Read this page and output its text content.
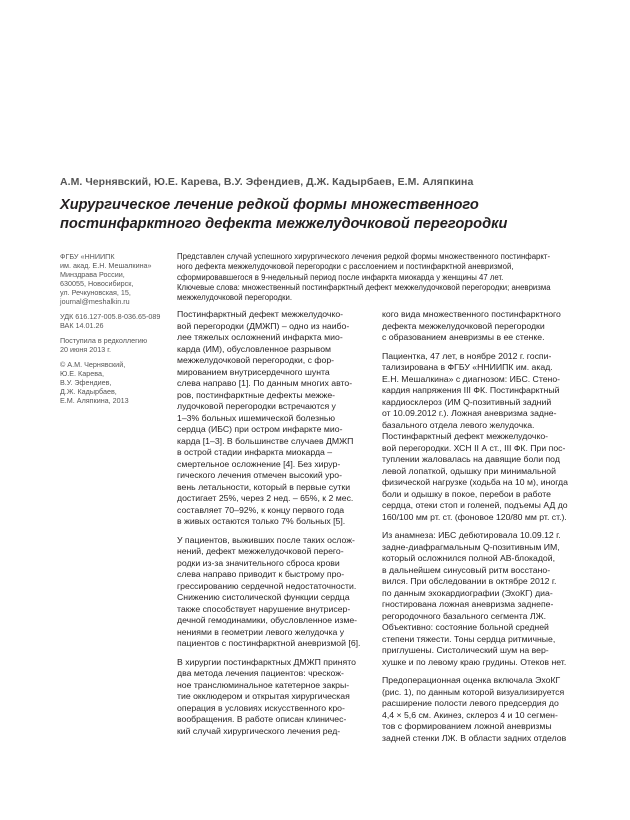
А.М. Чернявский, Ю.Е. Карева, В.У. Эфендиев, Д.Ж. Кадырбаев, Е.М. Аляпкина
Хирургическое лечение редкой формы множественного
постинфарктного дефекта межжелудочковой перегородки

ФГБУ «ННИИПК
им. акад. Е.Н. Мешалкина»
Минздрава России,
630055, Новосибирск,
ул. Речкуновская, 15,
journal@meshalkin.ru

УДК 616.127-005.8-036.65-089
ВАК 14.01.26

Поступила в редколлегию
20 июня 2013 г.

© А.М. Чернявский,
Ю.Е. Карева,
В.У. Эфендиев,
Д.Ж. Кадырбаев,
Е.М. Аляпкина, 2013

Представлен случай успешного хирургического лечения редкой формы множественного постинфаркт-
ного дефекта межжелудочковой перегородки с расслоением и постинфарктной аневризмой,
сформировавшегося в 9-недельный период после инфаркта миокарда у женщины 47 лет.
Ключевые слова: множественный постинфарктный дефект межжелудочковой перегородки; аневризма
межжелудочковой перегородки.

Постинфарктный дефект межжелудочко-
вой перегородки (ДМЖП) – одно из наибо-
лее тяжелых осложнений инфаркта мио-
карда (ИМ), обусловленное разрывом
межжелудочковой перегородки, с фор-
мированием внутрисердечного шунта
слева направо [1]. По данным многих авто-
ров, постинфарктные дефекты межже-
лудочковой перегородки встречаются у
1–3% больных ишемической болезнью
сердца (ИБС) при остром инфаркте мио-
карда [1–3]. В большинстве случаев ДМЖП
в острой стадии инфаркта миокарда –
смертельное осложнение [4]. Без хирур-
гического лечения отмечен высокий уро-
вень летальности, который в первые сутки
достигает 25%, через 2 нед. – 65%, к 2 мес.
составляет 70–92%, к концу первого года
в живых остаются только 7% больных [5].

У пациентов, выживших после таких ослож-
нений, дефект межжелудочковой перего-
родки из-за значительного сброса крови
слева направо приводит к быстрому про-
грессированию сердечной недостаточности.
Снижению систолической функции сердца
также способствует нарушение внутрисер-
дечной гемодинамики, обусловленное изме-
нениями в геометрии левого желудочка у
пациентов с постинфарктной аневризмой [6].

В хирургии постинфарктных ДМЖП принято
два метода лечения пациентов: чрескож-
ное транслюминальное катетерное закры-
тие окклюдером и открытая хирургическая
операция в условиях искусственного кро-
вообращения. В работе описан клиничес-
кий случай хирургического лечения ред-

кого вида множественного постинфарктного
дефекта межжелудочковой перегородки
с образованием аневризмы в ее стенке.

Пациентка, 47 лет, в ноябре 2012 г. госпи-
тализирована в ФГБУ «ННИИПК им. акад.
Е.Н. Мешалкина» с диагнозом: ИБС. Стено-
кардия напряжения III ФК. Постинфарктный
кардиосклероз (ИМ Q-позитивный задний
от 10.09.2012 г.). Ложная аневризма задне-
базального отдела левого желудочка.
Постинфарктный дефект межжелудочко-
вой перегородки. ХСН II А ст., III ФК. При пос-
туплении жаловалась на давящие боли под
левой лопаткой, одышку при минимальной
физической нагрузке (ходьба на 10 м), иногда
боли и одышку в покое, перебои в работе
сердца, отеки стоп и голеней, подъемы АД до
160/100 мм рт. ст. (фоновое 120/80 мм рт. ст.).

Из анамнеза: ИБС дебютировала 10.09.12 г.
задне-диафрагмальным Q-позитивным ИМ,
который осложнился полной АВ-блокадой,
в дальнейшем синусовый ритм восстано-
вился. При обследовании в октябре 2012 г.
по данным эхокардиографии (ЭхоКГ) диа-
гностирована ложная аневризма заднепе-
регородочного базального сегмента ЛЖ.
Объективно: состояние больной средней
степени тяжести. Тоны сердца ритмичные,
приглушены. Систолический шум на вер-
хушке и по левому краю грудины. Отеков нет.

Предоперационная оценка включала ЭхоКГ
(рис. 1), по данным которой визуализируется
расширение полости левого предсердия до
4,4 × 5,6 см. Акинез, склероз 4 и 10 сегмен-
тов с формированием ложной аневризмы
задней стенки ЛЖ. В области задних отделов
